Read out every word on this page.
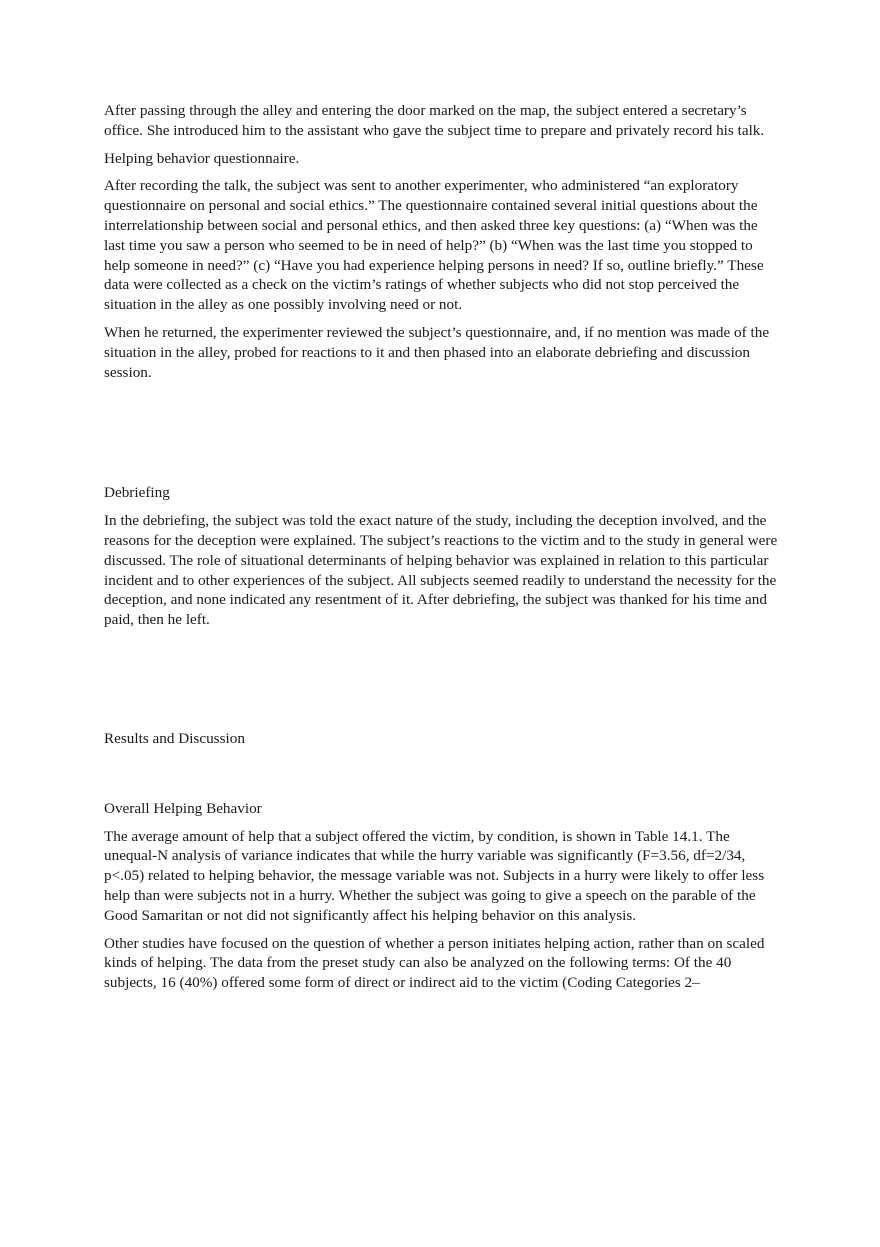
After passing through the alley and entering the door marked on the map, the subject entered a secretary’s office. She introduced him to the assistant who gave the subject time to prepare and privately record his talk.

Helping behavior questionnaire.

After recording the talk, the subject was sent to another experimenter, who administered “an exploratory questionnaire on personal and social ethics.” The questionnaire contained several initial questions about the interrelationship between social and personal ethics, and then asked three key questions: (a) “When was the last time you saw a person who seemed to be in need of help?” (b) “When was the last time you stopped to help someone in need?” (c) “Have you had experience helping persons in need? If so, outline briefly.” These data were collected as a check on the victim’s ratings of whether subjects who did not stop perceived the situation in the alley as one possibly involving need or not.

When he returned, the experimenter reviewed the subject’s questionnaire, and, if no mention was made of the situation in the alley, probed for reactions to it and then phased into an elaborate debriefing and discussion session.

Debriefing

In the debriefing, the subject was told the exact nature of the study, including the deception involved, and the reasons for the deception were explained. The subject’s reactions to the victim and to the study in general were discussed. The role of situational determinants of helping behavior was explained in relation to this particular incident and to other experiences of the subject. All subjects seemed readily to understand the necessity for the deception, and none indicated any resentment of it. After debriefing, the subject was thanked for his time and paid, then he left.

Results and Discussion

Overall Helping Behavior

The average amount of help that a subject offered the victim, by condition, is shown in Table 14.1. The unequal-N analysis of variance indicates that while the hurry variable was significantly (F=3.56, df=2/34, p<.05) related to helping behavior, the message variable was not. Subjects in a hurry were likely to offer less help than were subjects not in a hurry. Whether the subject was going to give a speech on the parable of the Good Samaritan or not did not significantly affect his helping behavior on this analysis.

Other studies have focused on the question of whether a person initiates helping action, rather than on scaled kinds of helping. The data from the preset study can also be analyzed on the following terms: Of the 40 subjects, 16 (40%) offered some form of direct or indirect aid to the victim (Coding Categories 2–
